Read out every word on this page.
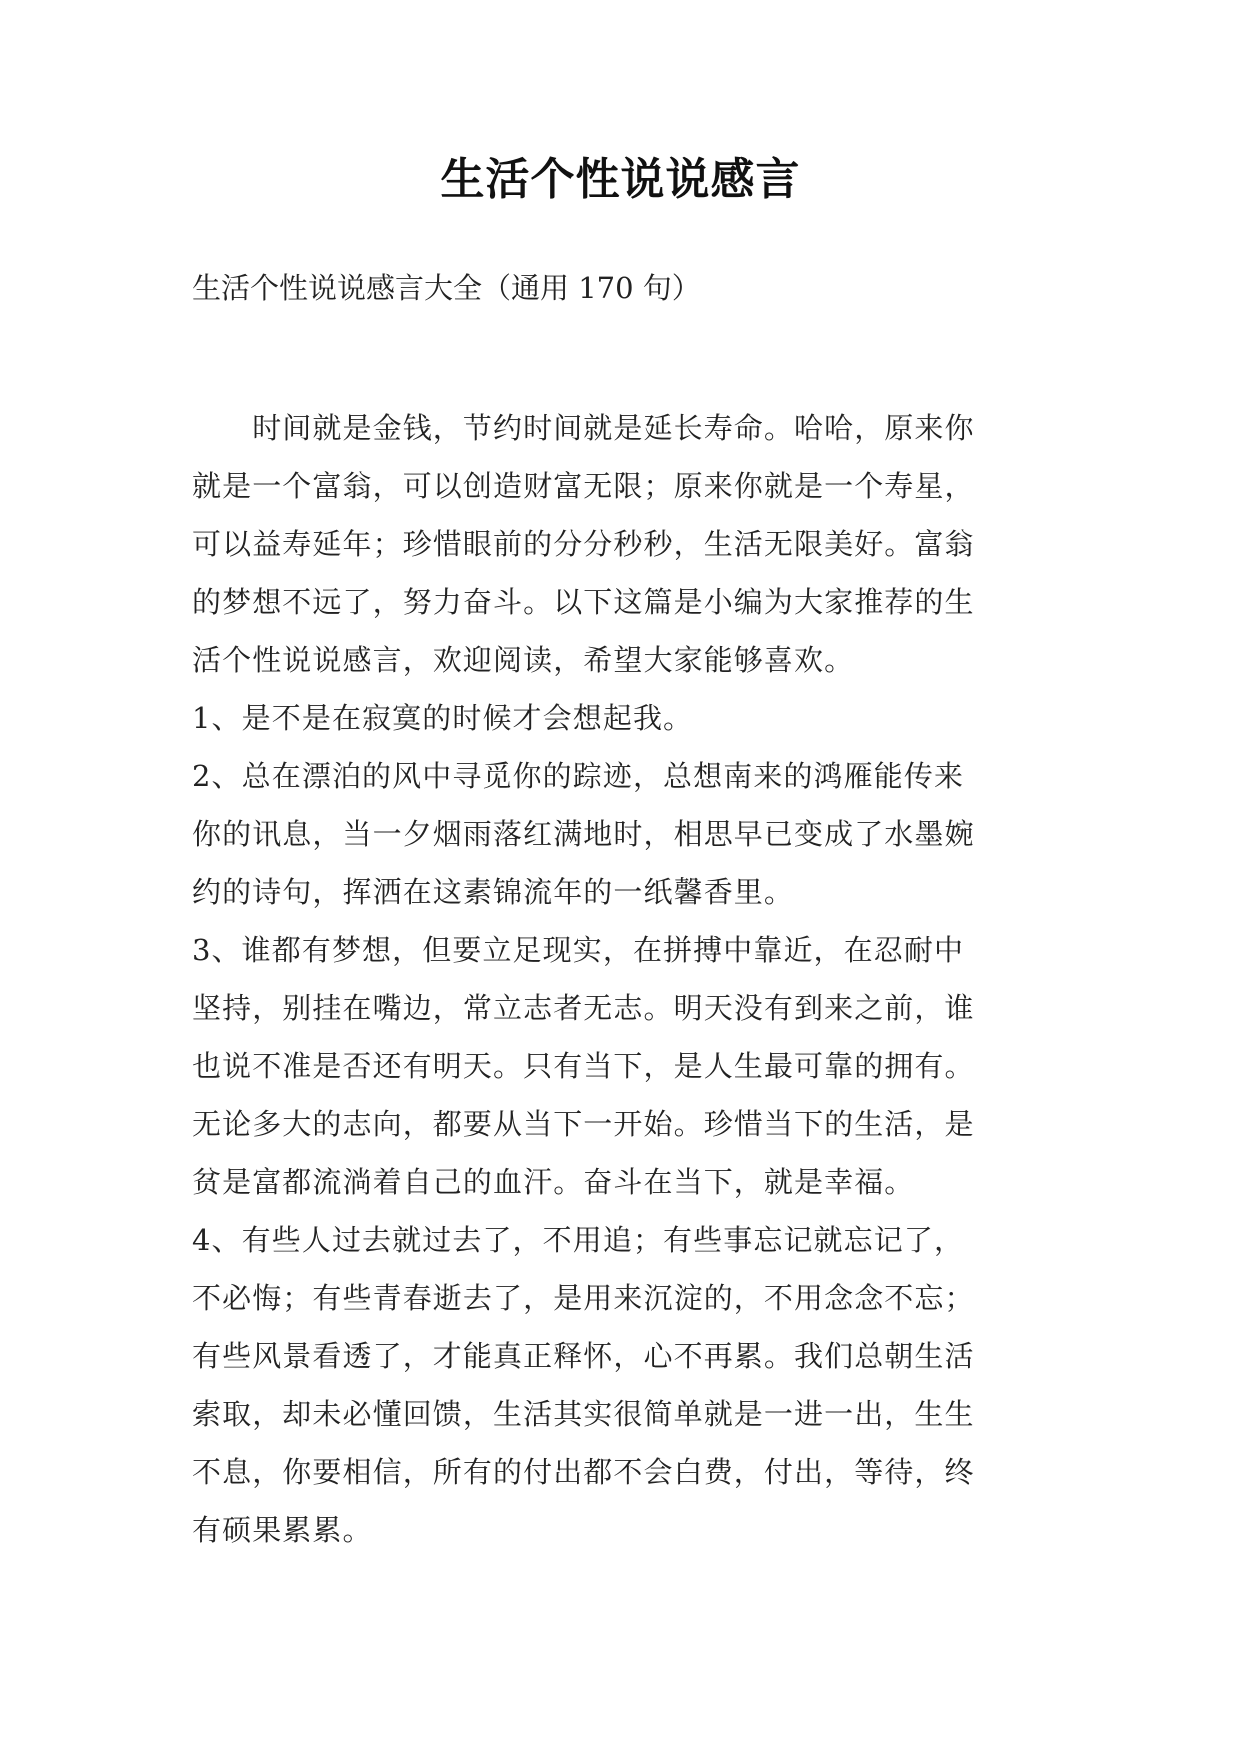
生活个性说说感言
生活个性说说感言大全（通用 170 句）
　　时间就是金钱，节约时间就是延长寿命。哈哈，原来你
就是一个富翁，可以创造财富无限；原来你就是一个寿星，
可以益寿延年；珍惜眼前的分分秒秒，生活无限美好。富翁
的梦想不远了，努力奋斗。以下这篇是小编为大家推荐的生
活个性说说感言，欢迎阅读，希望大家能够喜欢。
1、是不是在寂寞的时候才会想起我。
2、总在漂泊的风中寻觅你的踪迹，总想南来的鸿雁能传来
你的讯息，当一夕烟雨落红满地时，相思早已变成了水墨婉
约的诗句，挥洒在这素锦流年的一纸馨香里。
3、谁都有梦想，但要立足现实，在拼搏中靠近，在忍耐中
坚持，别挂在嘴边，常立志者无志。明天没有到来之前，谁
也说不准是否还有明天。只有当下，是人生最可靠的拥有。
无论多大的志向，都要从当下一开始。珍惜当下的生活，是
贫是富都流淌着自己的血汗。奋斗在当下，就是幸福。
4、有些人过去就过去了，不用追；有些事忘记就忘记了，
不必悔；有些青春逝去了，是用来沉淀的，不用念念不忘；
有些风景看透了，才能真正释怀，心不再累。我们总朝生活
索取，却未必懂回馈，生活其实很简单就是一进一出，生生
不息，你要相信，所有的付出都不会白费，付出，等待，终
有硕果累累。
